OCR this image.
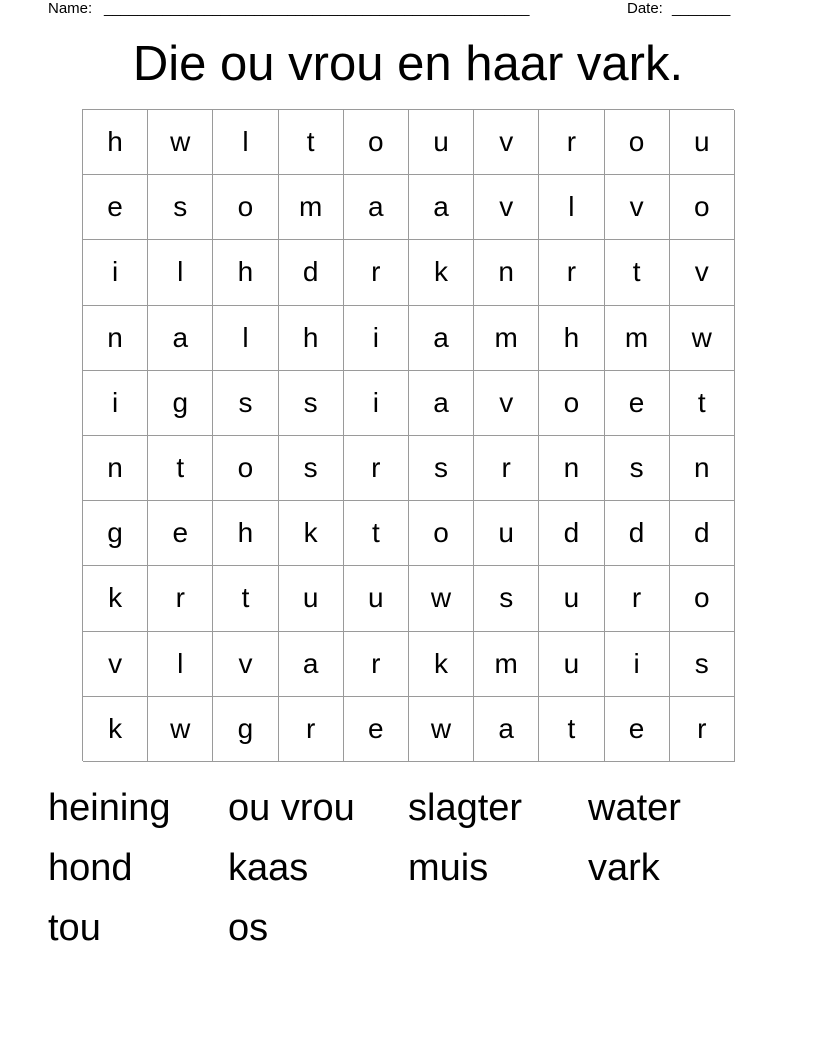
Name: ___________________________________________________	Date: _______
Die ou vrou en haar vark.
h	w	l	t	o	u	v	r	o	u
e	s	o	m	a	a	v	l	v	o
i	l	h	d	r	k	n	r	t	v
n	a	l	h	i	a	m	h	m	w
i	g	s	s	i	a	v	o	e	t
n	t	o	s	r	s	r	n	s	n
g	e	h	k	t	o	u	d	d	d
k	r	t	u	u	w	s	u	r	o
v	l	v	a	r	k	m	u	i	s
k	w	g	r	e	w	a	t	e	r
heining	ou vrou	slagter	water
hond	kaas	muis	vark
tou	os
